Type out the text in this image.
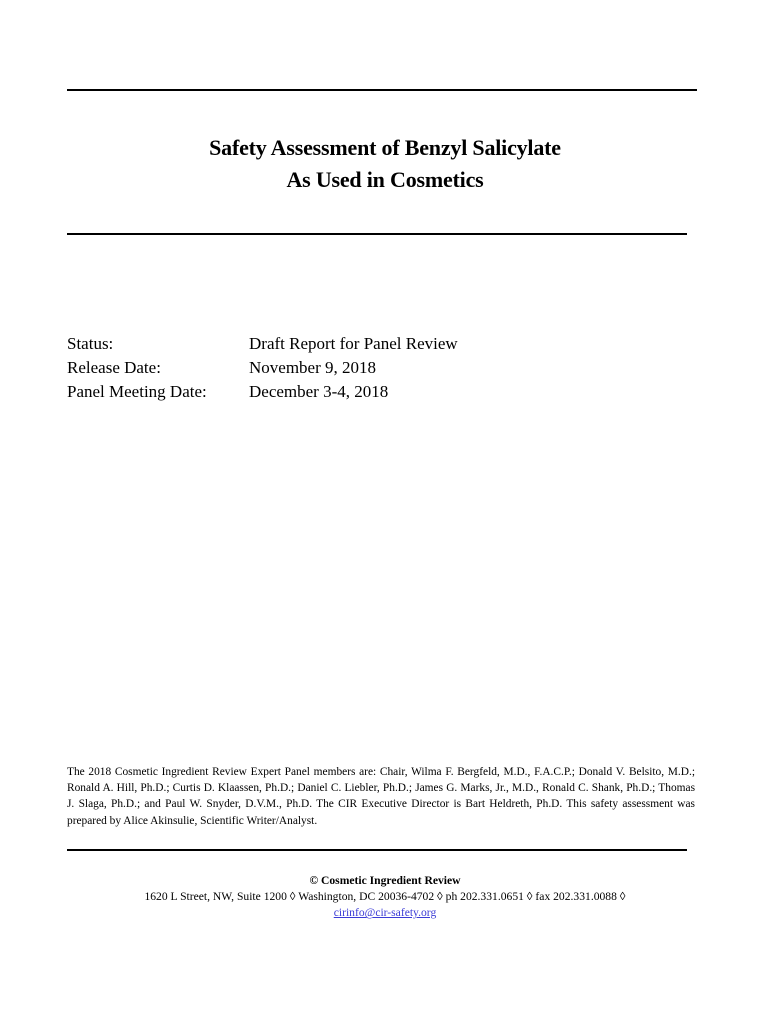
Safety Assessment of Benzyl Salicylate
As Used in Cosmetics
Status:	Draft Report for Panel Review
Release Date:	November 9, 2018
Panel Meeting Date:	December 3-4, 2018
The 2018 Cosmetic Ingredient Review Expert Panel members are: Chair, Wilma F. Bergfeld, M.D., F.A.C.P.; Donald V. Belsito, M.D.; Ronald A. Hill, Ph.D.; Curtis D. Klaassen, Ph.D.; Daniel C. Liebler, Ph.D.; James G. Marks, Jr., M.D., Ronald C. Shank, Ph.D.; Thomas J. Slaga, Ph.D.; and Paul W. Snyder, D.V.M., Ph.D. The CIR Executive Director is Bart Heldreth, Ph.D. This safety assessment was prepared by Alice Akinsulie, Scientific Writer/Analyst.
© Cosmetic Ingredient Review
1620 L Street, NW, Suite 1200 ◊ Washington, DC 20036-4702 ◊ ph 202.331.0651 ◊ fax 202.331.0088 ◊
cirinfo@cir-safety.org
